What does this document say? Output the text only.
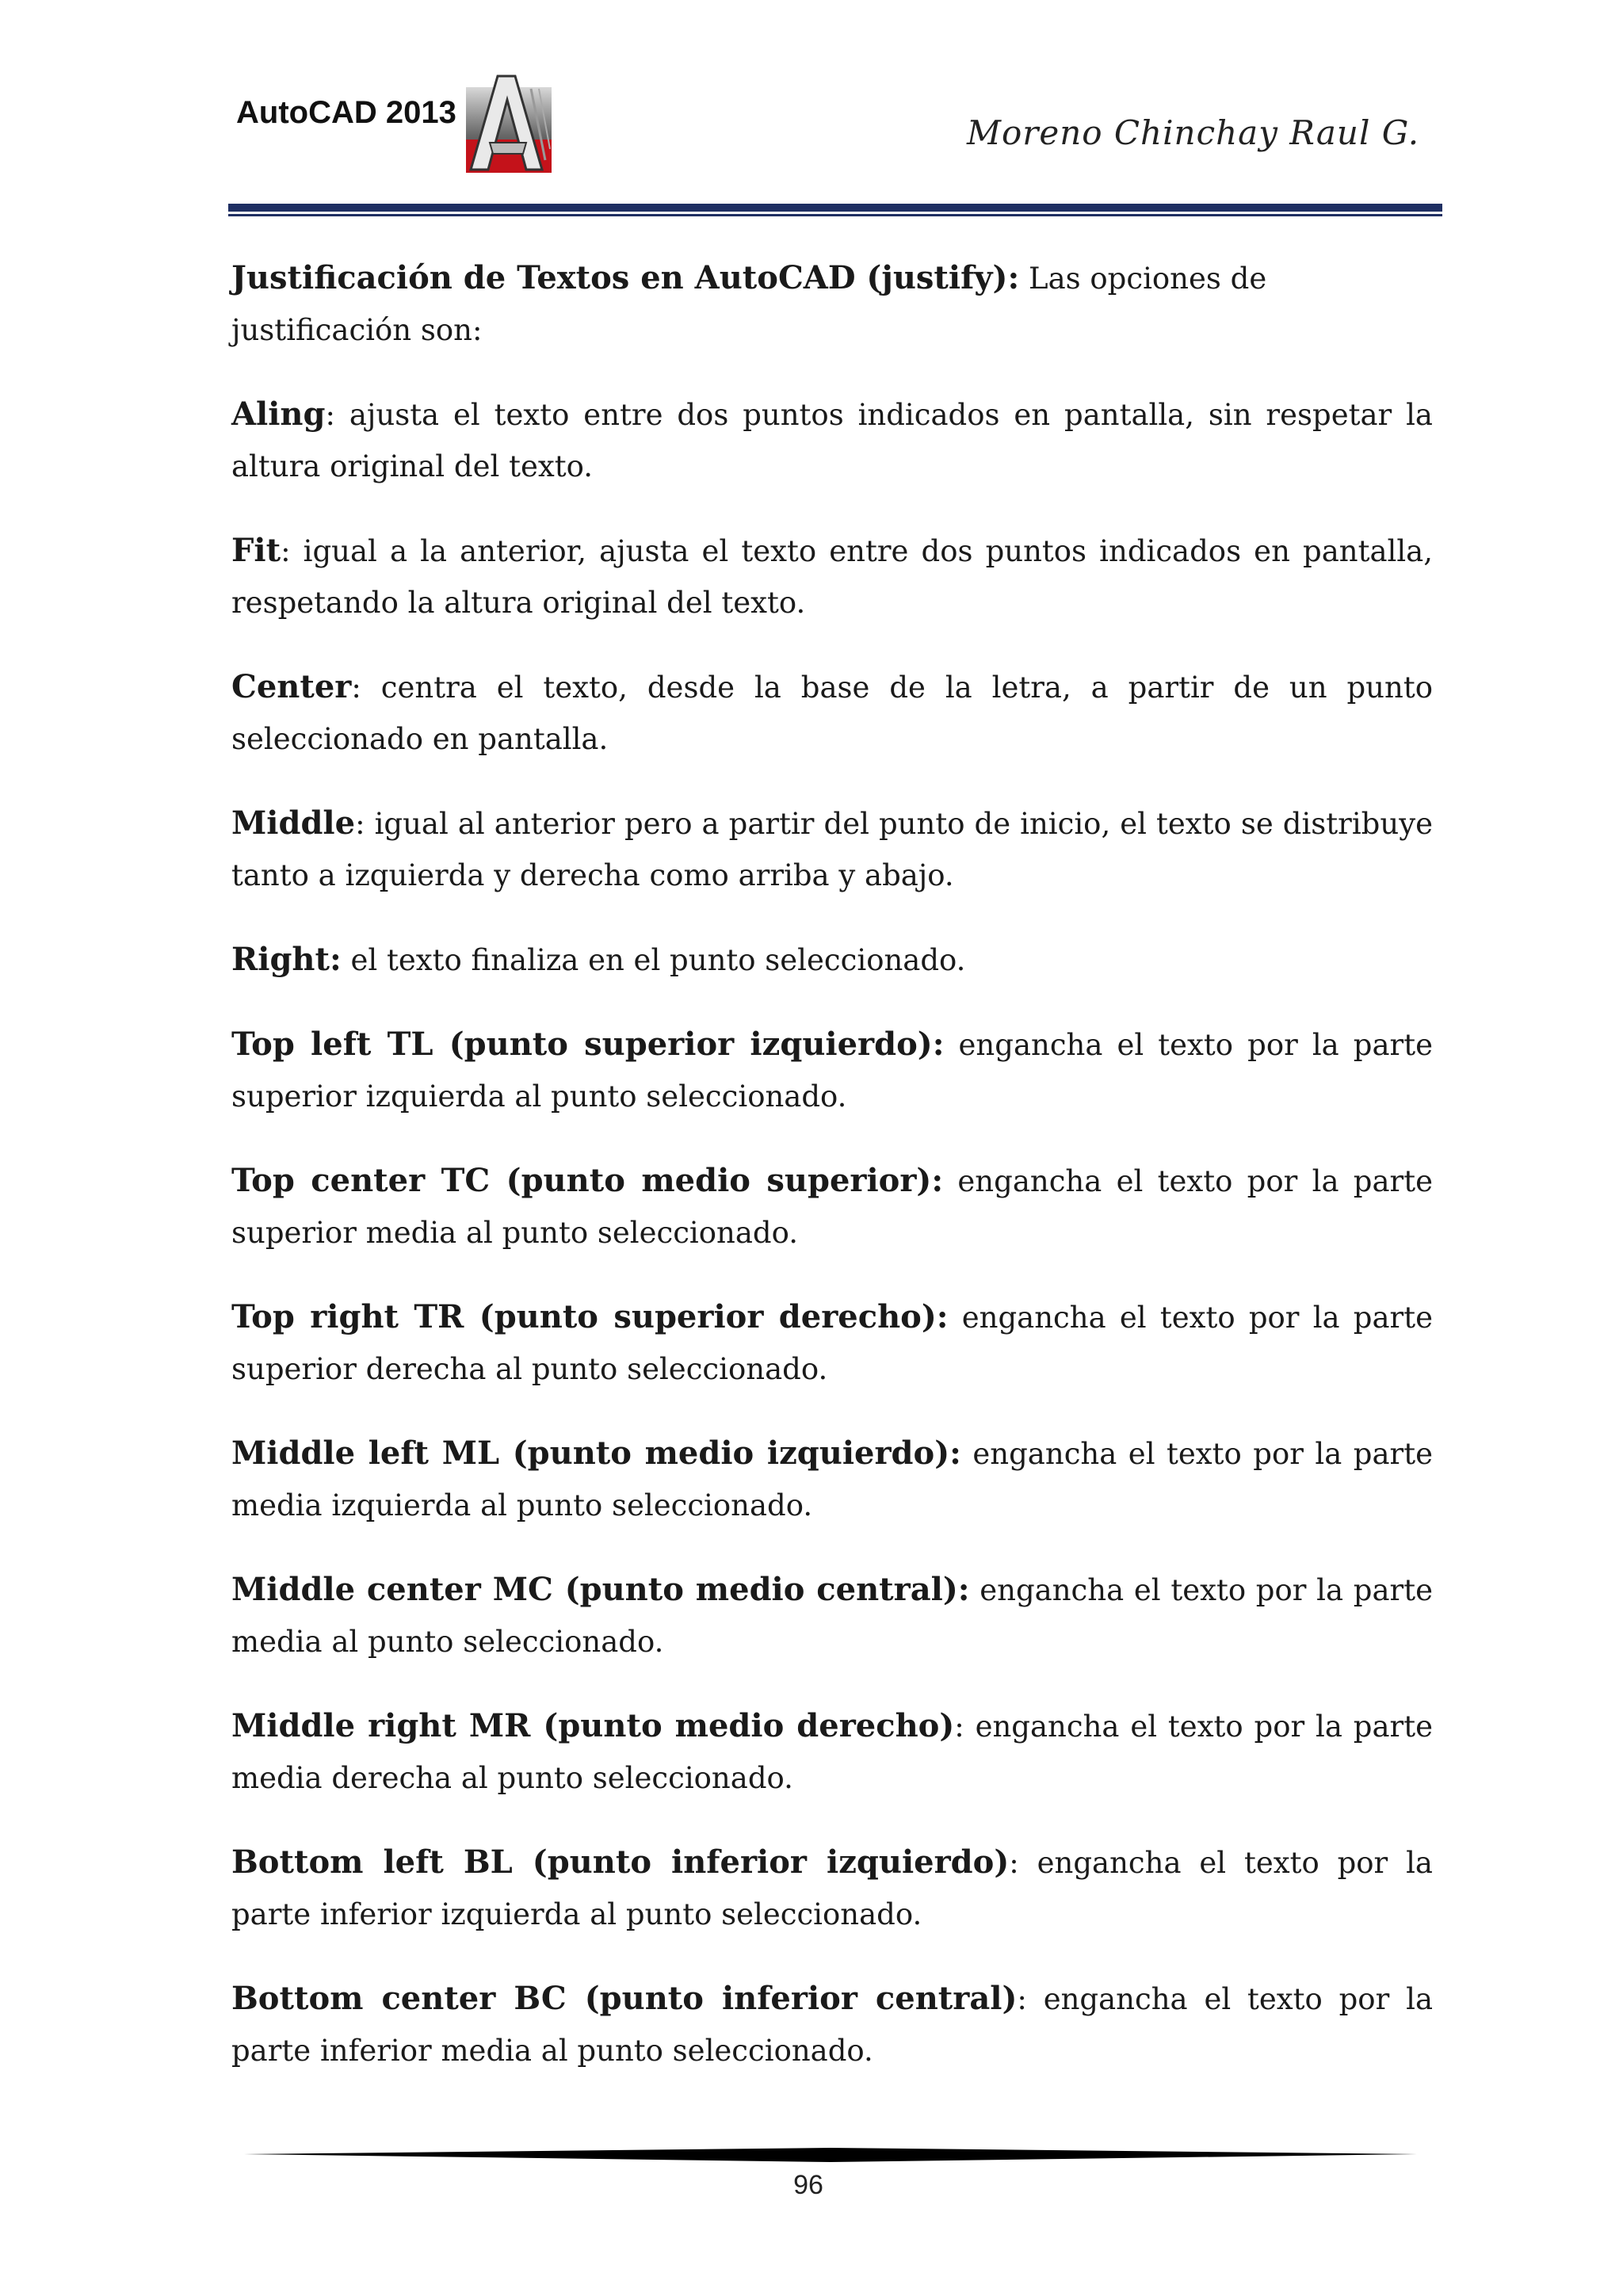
AutoCAD 2013
Moreno Chinchay Raul G.

Justificación de Textos en AutoCAD (justify): Las opciones de justificación son:

Aling: ajusta el texto entre dos puntos indicados en pantalla, sin respetar la altura original del texto.

Fit: igual a la anterior, ajusta el texto entre dos puntos indicados en pantalla, respetando la altura original del texto.

Center: centra el texto, desde la base de la letra, a partir de un punto seleccionado en pantalla.

Middle: igual al anterior pero a partir del punto de inicio, el texto se distribuye tanto a izquierda y derecha como arriba y abajo.

Right: el texto finaliza en el punto seleccionado.

Top left TL (punto superior izquierdo): engancha el texto por la parte superior izquierda al punto seleccionado.

Top center TC (punto medio superior): engancha el texto por la parte superior media al punto seleccionado.

Top right TR (punto superior derecho): engancha el texto por la parte superior derecha al punto seleccionado.

Middle left ML (punto medio izquierdo): engancha el texto por la parte media izquierda al punto seleccionado.

Middle center MC (punto medio central): engancha el texto por la parte media al punto seleccionado.

Middle right MR (punto medio derecho): engancha el texto por la parte media derecha al punto seleccionado.

Bottom left BL (punto inferior izquierdo): engancha el texto por la parte inferior izquierda al punto seleccionado.

Bottom center BC (punto inferior central): engancha el texto por la parte inferior media al punto seleccionado.

96
